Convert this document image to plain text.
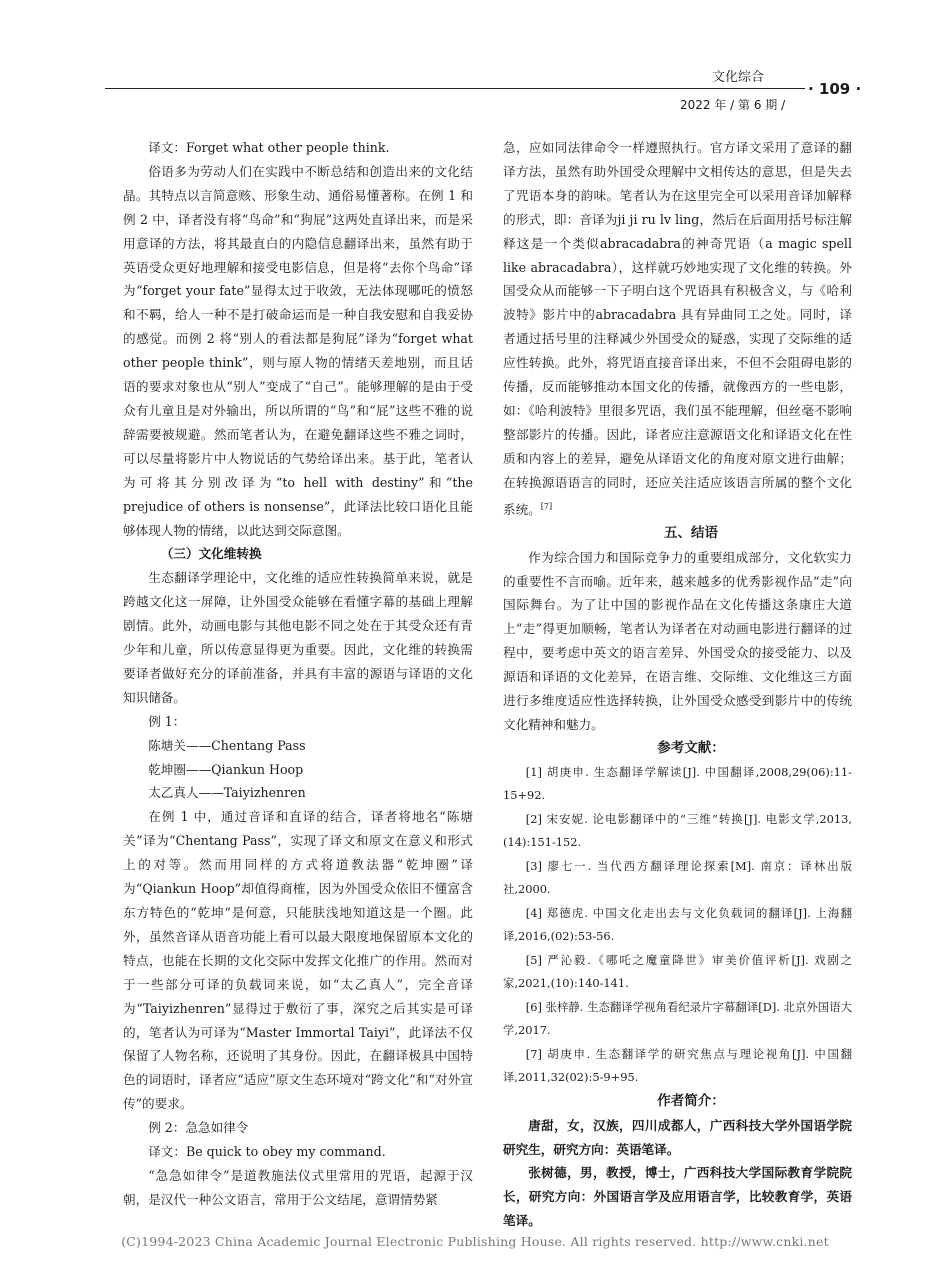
文化综合
· 109 ·
2022 年 / 第 6 期 /

译文：Forget what other people think.

俗语多为劳动人们在实践中不断总结和创造出来的文化结晶。其特点以言简意赅、形象生动、通俗易懂著称。在例 1 和例 2 中，译者没有将“鸟命”和“狗屁”这两处直译出来，而是采用意译的方法，将其最直白的内隐信息翻译出来，虽然有助于英语受众更好地理解和接受电影信息，但是将“去你个鸟命”译为“forget your fate”显得太过于收敛，无法体现哪吒的愤怒和不羁，给人一种不是打破命运而是一种自我安慰和自我妥协的感觉。而例 2 将“别人的看法都是狗屁”译为“forget what other people think”，则与原人物的情绪天差地别，而且话语的要求对象也从“别人”变成了“自己”。能够理解的是由于受众有儿童且是对外输出，所以所谓的“鸟”和“屁”这些不雅的说辞需要被规避。然而笔者认为，在避免翻译这些不雅之词时，可以尽量将影片中人物说话的气势给译出来。基于此，笔者认为可将其分别改译为“to hell with destiny”和“the prejudice of others is nonsense”，此译法比较口语化且能够体现人物的情绪，以此达到交际意图。

（三）文化维转换

生态翻译学理论中，文化维的适应性转换简单来说，就是跨越文化这一屏障，让外国受众能够在看懂字幕的基础上理解剧情。此外，动画电影与其他电影不同之处在于其受众还有青少年和儿童，所以传意显得更为重要。因此，文化维的转换需要译者做好充分的译前准备，并具有丰富的源语与译语的文化知识储备。

例 1：

陈塘关——Chentang Pass

乾坤圈——Qiankun Hoop

太乙真人——Taiyizhenren

在例 1 中，通过音译和直译的结合，译者将地名“陈塘关”译为“Chentang Pass”，实现了译文和原文在意义和形式上的对等。然而用同样的方式将道教法器“乾坤圈”译为“Qiankun Hoop”却值得商榷，因为外国受众依旧不懂富含东方特色的“乾坤”是何意，只能肤浅地知道这是一个圈。此外，虽然音译从语音功能上看可以最大限度地保留原本文化的特点，也能在长期的文化交际中发挥文化推广的作用。然而对于一些部分可译的负载词来说，如“太乙真人”，完全音译为“Taiyizhenren”显得过于敷衍了事，深究之后其实是可译的，笔者认为可译为“Master Immortal Taiyi”，此译法不仅保留了人物名称，还说明了其身份。因此，在翻译极具中国特色的词语时，译者应“适应”原文生态环境对“跨文化”和“对外宣传”的要求。

例 2：急急如律令

译文：Be quick to obey my command.

“急急如律令”是道教施法仪式里常用的咒语，起源于汉朝，是汉代一种公文语言，常用于公文结尾，意谓情势紧

急，应如同法律命令一样遵照执行。官方译文采用了意译的翻译方法，虽然有助外国受众理解中文相传达的意思，但是失去了咒语本身的韵味。笔者认为在这里完全可以采用音译加解释的形式，即：音译为ji ji ru lv ling，然后在后面用括号标注解释这是一个类似abracadabra的神奇咒语（a magic spell like abracadabra），这样就巧妙地实现了文化维的转换。外国受众从而能够一下子明白这个咒语具有积极含义，与《哈利波特》影片中的abracadabra 具有异曲同工之处。同时，译者通过括号里的注释减少外国受众的疑惑，实现了交际维的适应性转换。此外，将咒语直接音译出来，不但不会阻碍电影的传播，反而能够推动本国文化的传播，就像西方的一些电影，如：《哈利波特》里很多咒语，我们虽不能理解，但丝毫不影响整部影片的传播。因此，译者应注意源语文化和译语文化在性质和内容上的差异，避免从译语文化的角度对原文进行曲解；在转换源语语言的同时，还应关注适应该语言所属的整个文化系统。[7]

五、结语

作为综合国力和国际竞争力的重要组成部分，文化软实力的重要性不言而喻。近年来，越来越多的优秀影视作品“走”向国际舞台。为了让中国的影视作品在文化传播这条康庄大道上“走”得更加顺畅，笔者认为译者在对动画电影进行翻译的过程中，要考虑中英文的语言差异、外国受众的接受能力、以及源语和译语的文化差异，在语言维、交际维、文化维这三方面进行多维度适应性选择转换，让外国受众感受到影片中的传统文化精神和魅力。

参考文献：

[1] 胡庚申. 生态翻译学解读[J]. 中国翻译,2008,29(06):11-15+92.

[2] 宋安妮. 论电影翻译中的“三维”转换[J]. 电影文学,2013,(14):151-152.

[3] 廖七一. 当代西方翻译理论探索[M]. 南京：译林出版社,2000.

[4] 郑德虎. 中国文化走出去与文化负载词的翻译[J]. 上海翻译,2016,(02):53-56.

[5] 严沁毅.《哪吒之魔童降世》审美价值评析[J]. 戏剧之家,2021,(10):140-141.

[6] 张梓静. 生态翻译学视角看纪录片字幕翻译[D]. 北京外国语大学,2017.

[7] 胡庚申. 生态翻译学的研究焦点与理论视角[J]. 中国翻译,2011,32(02):5-9+95.

作者简介：

唐甜，女，汉族，四川成都人，广西科技大学外国语学院研究生，研究方向：英语笔译。

张树德，男，教授，博士，广西科技大学国际教育学院院长，研究方向：外国语言学及应用语言学，比较教育学，英语笔译。

(C)1994-2023 China Academic Journal Electronic Publishing House. All rights reserved. http://www.cnki.net
